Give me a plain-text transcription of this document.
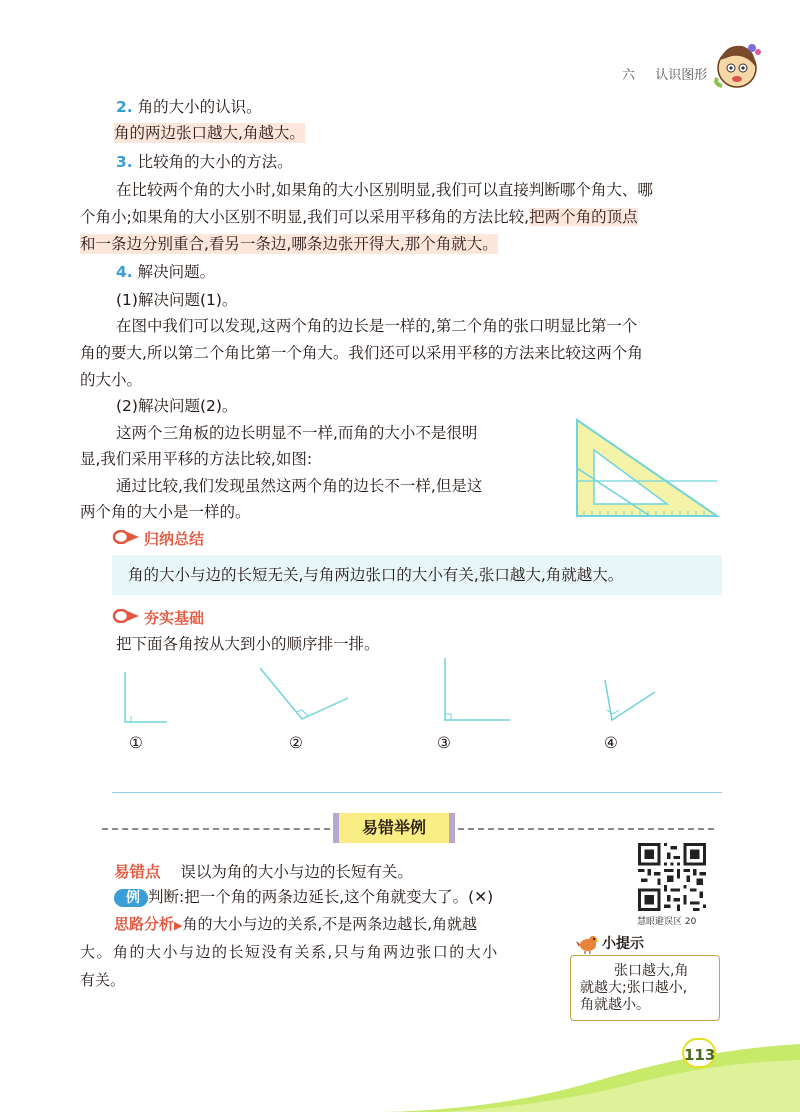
六 认识图形
2. 角的大小的认识。
角的两边张口越大,角越大。
3. 比较角的大小的方法。
在比较两个角的大小时,如果角的大小区别明显,我们可以直接判断哪个角大、哪
个角小;如果角的大小区别不明显,我们可以采用平移角的方法比较,把两个角的顶点
和一条边分别重合,看另一条边,哪条边张开得大,那个角就大。
4. 解决问题。
(1)解决问题(1)。
在图中我们可以发现,这两个角的边长是一样的,第二个角的张口明显比第一个
角的要大,所以第二个角比第一个角大。我们还可以采用平移的方法来比较这两个角
的大小。
(2)解决问题(2)。
这两个三角板的边长明显不一样,而角的大小不是很明
显,我们采用平移的方法比较,如图:
通过比较,我们发现虽然这两个角的边长不一样,但是这
两个角的大小是一样的。
归纳总结
角的大小与边的长短无关,与角两边张口的大小有关,张口越大,角就越大。
夯实基础
把下面各角按从大到小的顺序排一排。
①	②	③	④
易错举例
易错点 误以为角的大小与边的长短有关。
例 判断:把一个角的两条边延长,这个角就变大了。(✕)
思路分析▶角的大小与边的关系,不是两条边越长,角就越
大。角的大小与边的长短没有关系,只与角两边张口的大小
有关。
慧眼避误区 20
小提示
张口越大,角
就越大;张口越小,
角就越小。
113
